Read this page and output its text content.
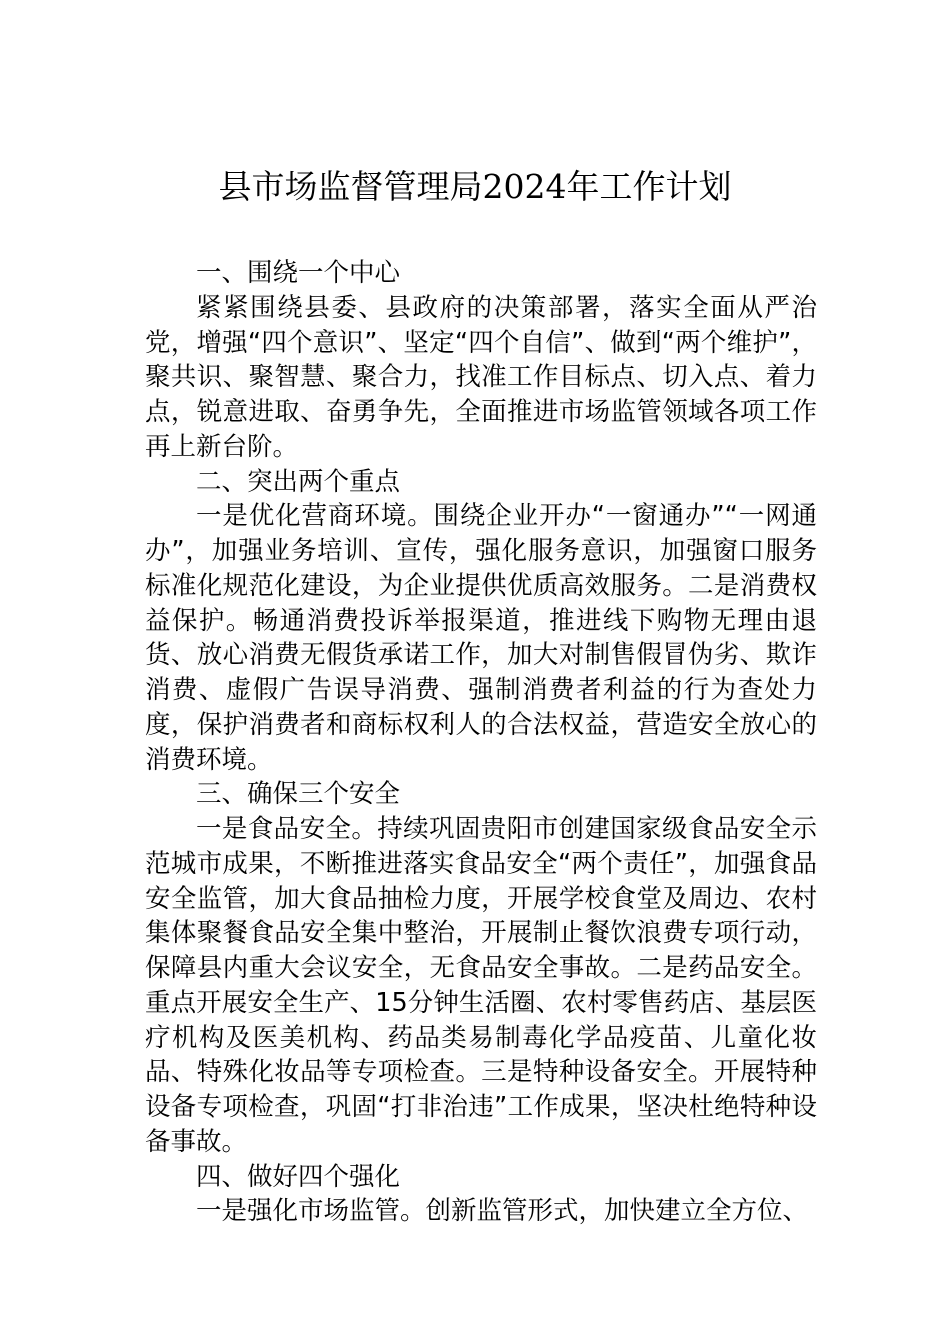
县市场监督管理局2024年工作计划

一、围绕一个中心

紧紧围绕县委、县政府的决策部署，落实全面从严治党，增强“四个意识”、坚定“四个自信”、做到“两个维护”，聚共识、聚智慧、聚合力，找准工作目标点、切入点、着力点，锐意进取、奋勇争先，全面推进市场监管领域各项工作再上新台阶。

二、突出两个重点

一是优化营商环境。围绕企业开办“一窗通办”“一网通办”，加强业务培训、宣传，强化服务意识，加强窗口服务标准化规范化建设，为企业提供优质高效服务。二是消费权益保护。畅通消费投诉举报渠道，推进线下购物无理由退货、放心消费无假货承诺工作，加大对制售假冒伪劣、欺诈消费、虚假广告误导消费、强制消费者利益的行为查处力度，保护消费者和商标权利人的合法权益，营造安全放心的消费环境。

三、确保三个安全

一是食品安全。持续巩固贵阳市创建国家级食品安全示范城市成果，不断推进落实食品安全“两个责任”，加强食品安全监管，加大食品抽检力度，开展学校食堂及周边、农村集体聚餐食品安全集中整治，开展制止餐饮浪费专项行动，保障县内重大会议安全，无食品安全事故。二是药品安全。重点开展安全生产、15分钟生活圈、农村零售药店、基层医疗机构及医美机构、药品类易制毒化学品疫苗、儿童化妆品、特殊化妆品等专项检查。三是特种设备安全。开展特种设备专项检查，巩固“打非治违”工作成果，坚决杜绝特种设备事故。

四、做好四个强化

一是强化市场监管。创新监管形式，加快建立全方位、
